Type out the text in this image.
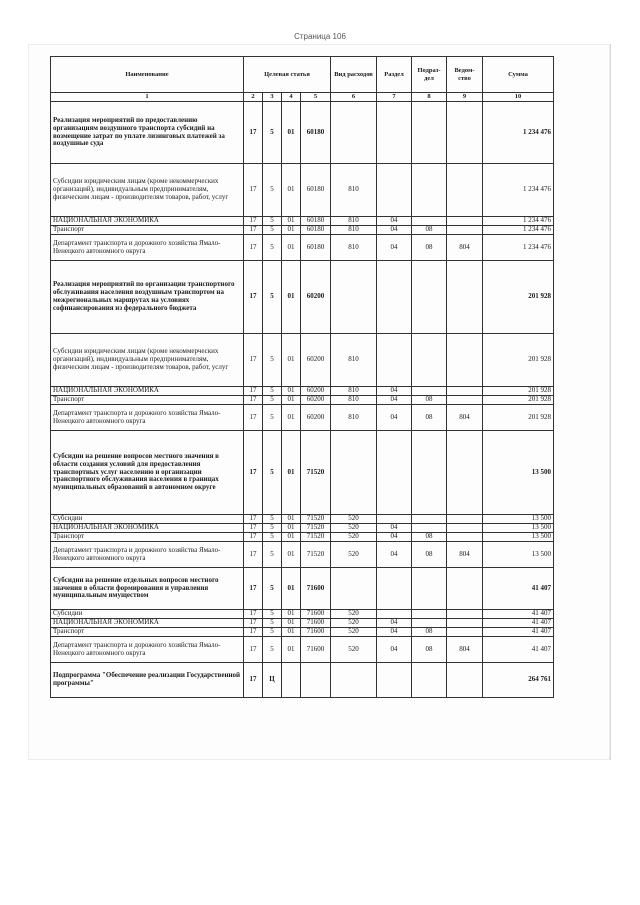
Страница 106
Наименование	Целевая статья				Вид расходов	Раздел	Подраз-дел	Ведом-ство	Сумма
1	2	3	4	5	6	7	8	9	10
Реализация мероприятий по предоставлению организациям воздушного транспорта субсидий на возмещение затрат по уплате лизинговых платежей за воздушные суда	17	5	01	60180					1 234 476
Субсидии юридическим лицам (кроме некоммерческих организаций), индивидуальным предпринимателям, физическим лицам - производителям товаров, работ, услуг	17	5	01	60180	810				1 234 476
НАЦИОНАЛЬНАЯ ЭКОНОМИКА	17	5	01	60180	810	04			1 234 476
Транспорт	17	5	01	60180	810	04	08		1 234 476
Департамент транспорта и дорожного хозяйства Ямало-Ненецкого автономного округа	17	5	01	60180	810	04	08	804	1 234 476
Реализация мероприятий по организации транспортного обслуживания населения воздушным транспортом на межрегиональных маршрутах на условиях софинансирования из федерального бюджета	17	5	01	60200					201 928
Субсидии юридическим лицам (кроме некоммерческих организаций), индивидуальным предпринимателям, физическим лицам - производителям товаров, работ, услуг	17	5	01	60200	810				201 928
НАЦИОНАЛЬНАЯ ЭКОНОМИКА	17	5	01	60200	810	04			201 928
Транспорт	17	5	01	60200	810	04	08		201 928
Департамент транспорта и дорожного хозяйства Ямало-Ненецкого автономного округа	17	5	01	60200	810	04	08	804	201 928
Субсидии на решение вопросов местного значения в области создания условий для предоставления транспортных услуг населению и организации транспортного обслуживания населения в границах муниципальных образований в автономном округе	17	5	01	71520					13 500
Субсидии	17	5	01	71520	520				13 500
НАЦИОНАЛЬНАЯ ЭКОНОМИКА	17	5	01	71520	520	04			13 500
Транспорт	17	5	01	71520	520	04	08		13 500
Департамент транспорта и дорожного хозяйства Ямало-Ненецкого автономного округа	17	5	01	71520	520	04	08	804	13 500
Субсидии на решение отдельных вопросов местного значения в области формирования и управления муниципальным имуществом	17	5	01	71600					41 407
Субсидии	17	5	01	71600	520				41 407
НАЦИОНАЛЬНАЯ ЭКОНОМИКА	17	5	01	71600	520	04			41 407
Транспорт	17	5	01	71600	520	04	08		41 407
Департамент транспорта и дорожного хозяйства Ямало-Ненецкого автономного округа	17	5	01	71600	520	04	08	804	41 407
Подпрограмма "Обеспечение реализации Государственной программы"	17	Ц							264 761
